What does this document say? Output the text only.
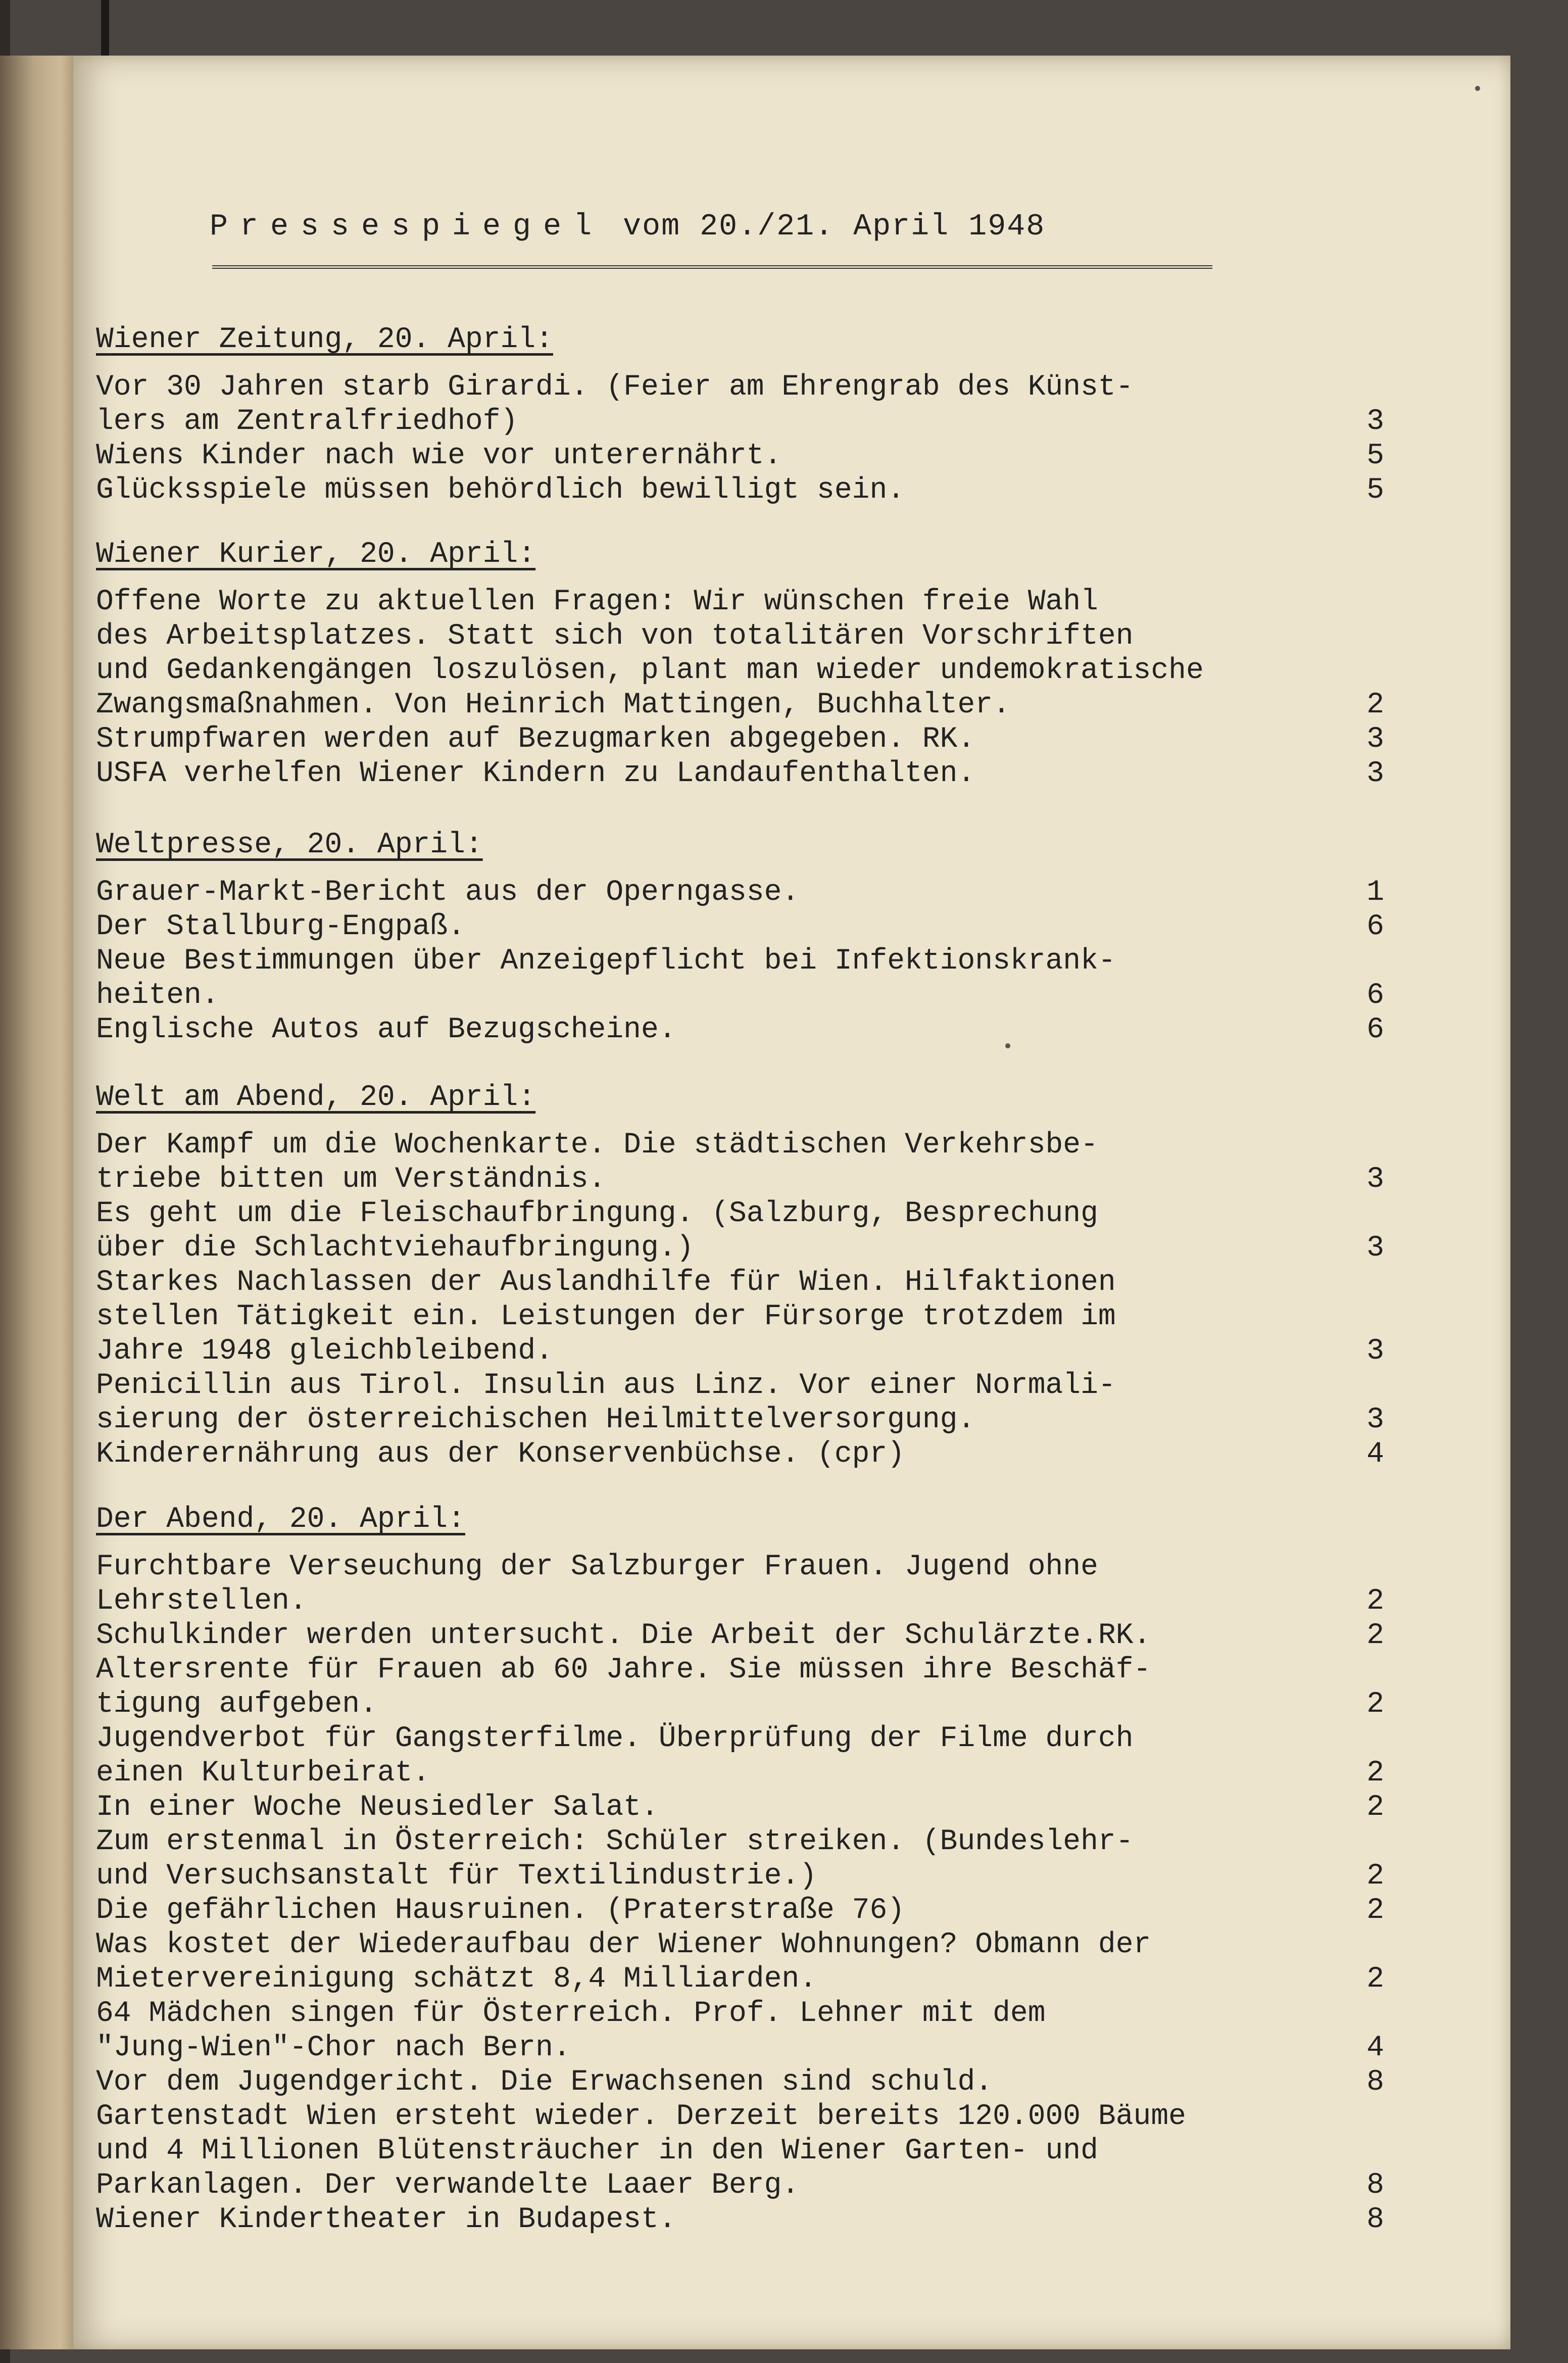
Pressespiegel vom 20./21. April 1948
Wiener Zeitung, 20. April:
Vor 30 Jahren starb Girardi. (Feier am Ehrengrab des Künst-
lers am Zentralfriedhof)	3
Wiens Kinder nach wie vor unterernährt.	5
Glücksspiele müssen behördlich bewilligt sein.	5
Wiener Kurier, 20. April:
Offene Worte zu aktuellen Fragen: Wir wünschen freie Wahl
des Arbeitsplatzes. Statt sich von totalitären Vorschriften
und Gedankengängen loszulösen, plant man wieder undemokratische
Zwangsmaßnahmen. Von Heinrich Mattingen, Buchhalter.	2
Strumpfwaren werden auf Bezugmarken abgegeben. RK.	3
USFA verhelfen Wiener Kindern zu Landaufenthalten.	3
Weltpresse, 20. April:
Grauer-Markt-Bericht aus der Operngasse.	1
Der Stallburg-Engpaß.	6
Neue Bestimmungen über Anzeigepflicht bei Infektionskrank-
heiten.	6
Englische Autos auf Bezugscheine.	6
Welt am Abend, 20. April:
Der Kampf um die Wochenkarte. Die städtischen Verkehrsbe-
triebe bitten um Verständnis.	3
Es geht um die Fleischaufbringung. (Salzburg, Besprechung
über die Schlachtviehaufbringung.)	3
Starkes Nachlassen der Auslandhilfe für Wien. Hilfaktionen
stellen Tätigkeit ein. Leistungen der Fürsorge trotzdem im
Jahre 1948 gleichbleibend.	3
Penicillin aus Tirol. Insulin aus Linz. Vor einer Normali-
sierung der österreichischen Heilmittelversorgung.	3
Kinderernährung aus der Konservenbüchse. (cpr)	4
Der Abend, 20. April:
Furchtbare Verseuchung der Salzburger Frauen. Jugend ohne
Lehrstellen.	2
Schulkinder werden untersucht. Die Arbeit der Schulärzte.RK.	2
Altersrente für Frauen ab 60 Jahre. Sie müssen ihre Beschäf-
tigung aufgeben.	2
Jugendverbot für Gangsterfilme. Überprüfung der Filme durch
einen Kulturbeirat.	2
In einer Woche Neusiedler Salat.	2
Zum erstenmal in Österreich: Schüler streiken. (Bundeslehr-
und Versuchsanstalt für Textilindustrie.)	2
Die gefährlichen Hausruinen. (Praterstraße 76)	2
Was kostet der Wiederaufbau der Wiener Wohnungen? Obmann der
Mietervereinigung schätzt 8,4 Milliarden.	2
64 Mädchen singen für Österreich. Prof. Lehner mit dem
"Jung-Wien"-Chor nach Bern.	4
Vor dem Jugendgericht. Die Erwachsenen sind schuld.	8
Gartenstadt Wien ersteht wieder. Derzeit bereits 120.000 Bäume
und 4 Millionen Blütensträucher in den Wiener Garten- und
Parkanlagen. Der verwandelte Laaer Berg.	8
Wiener Kindertheater in Budapest.	8
